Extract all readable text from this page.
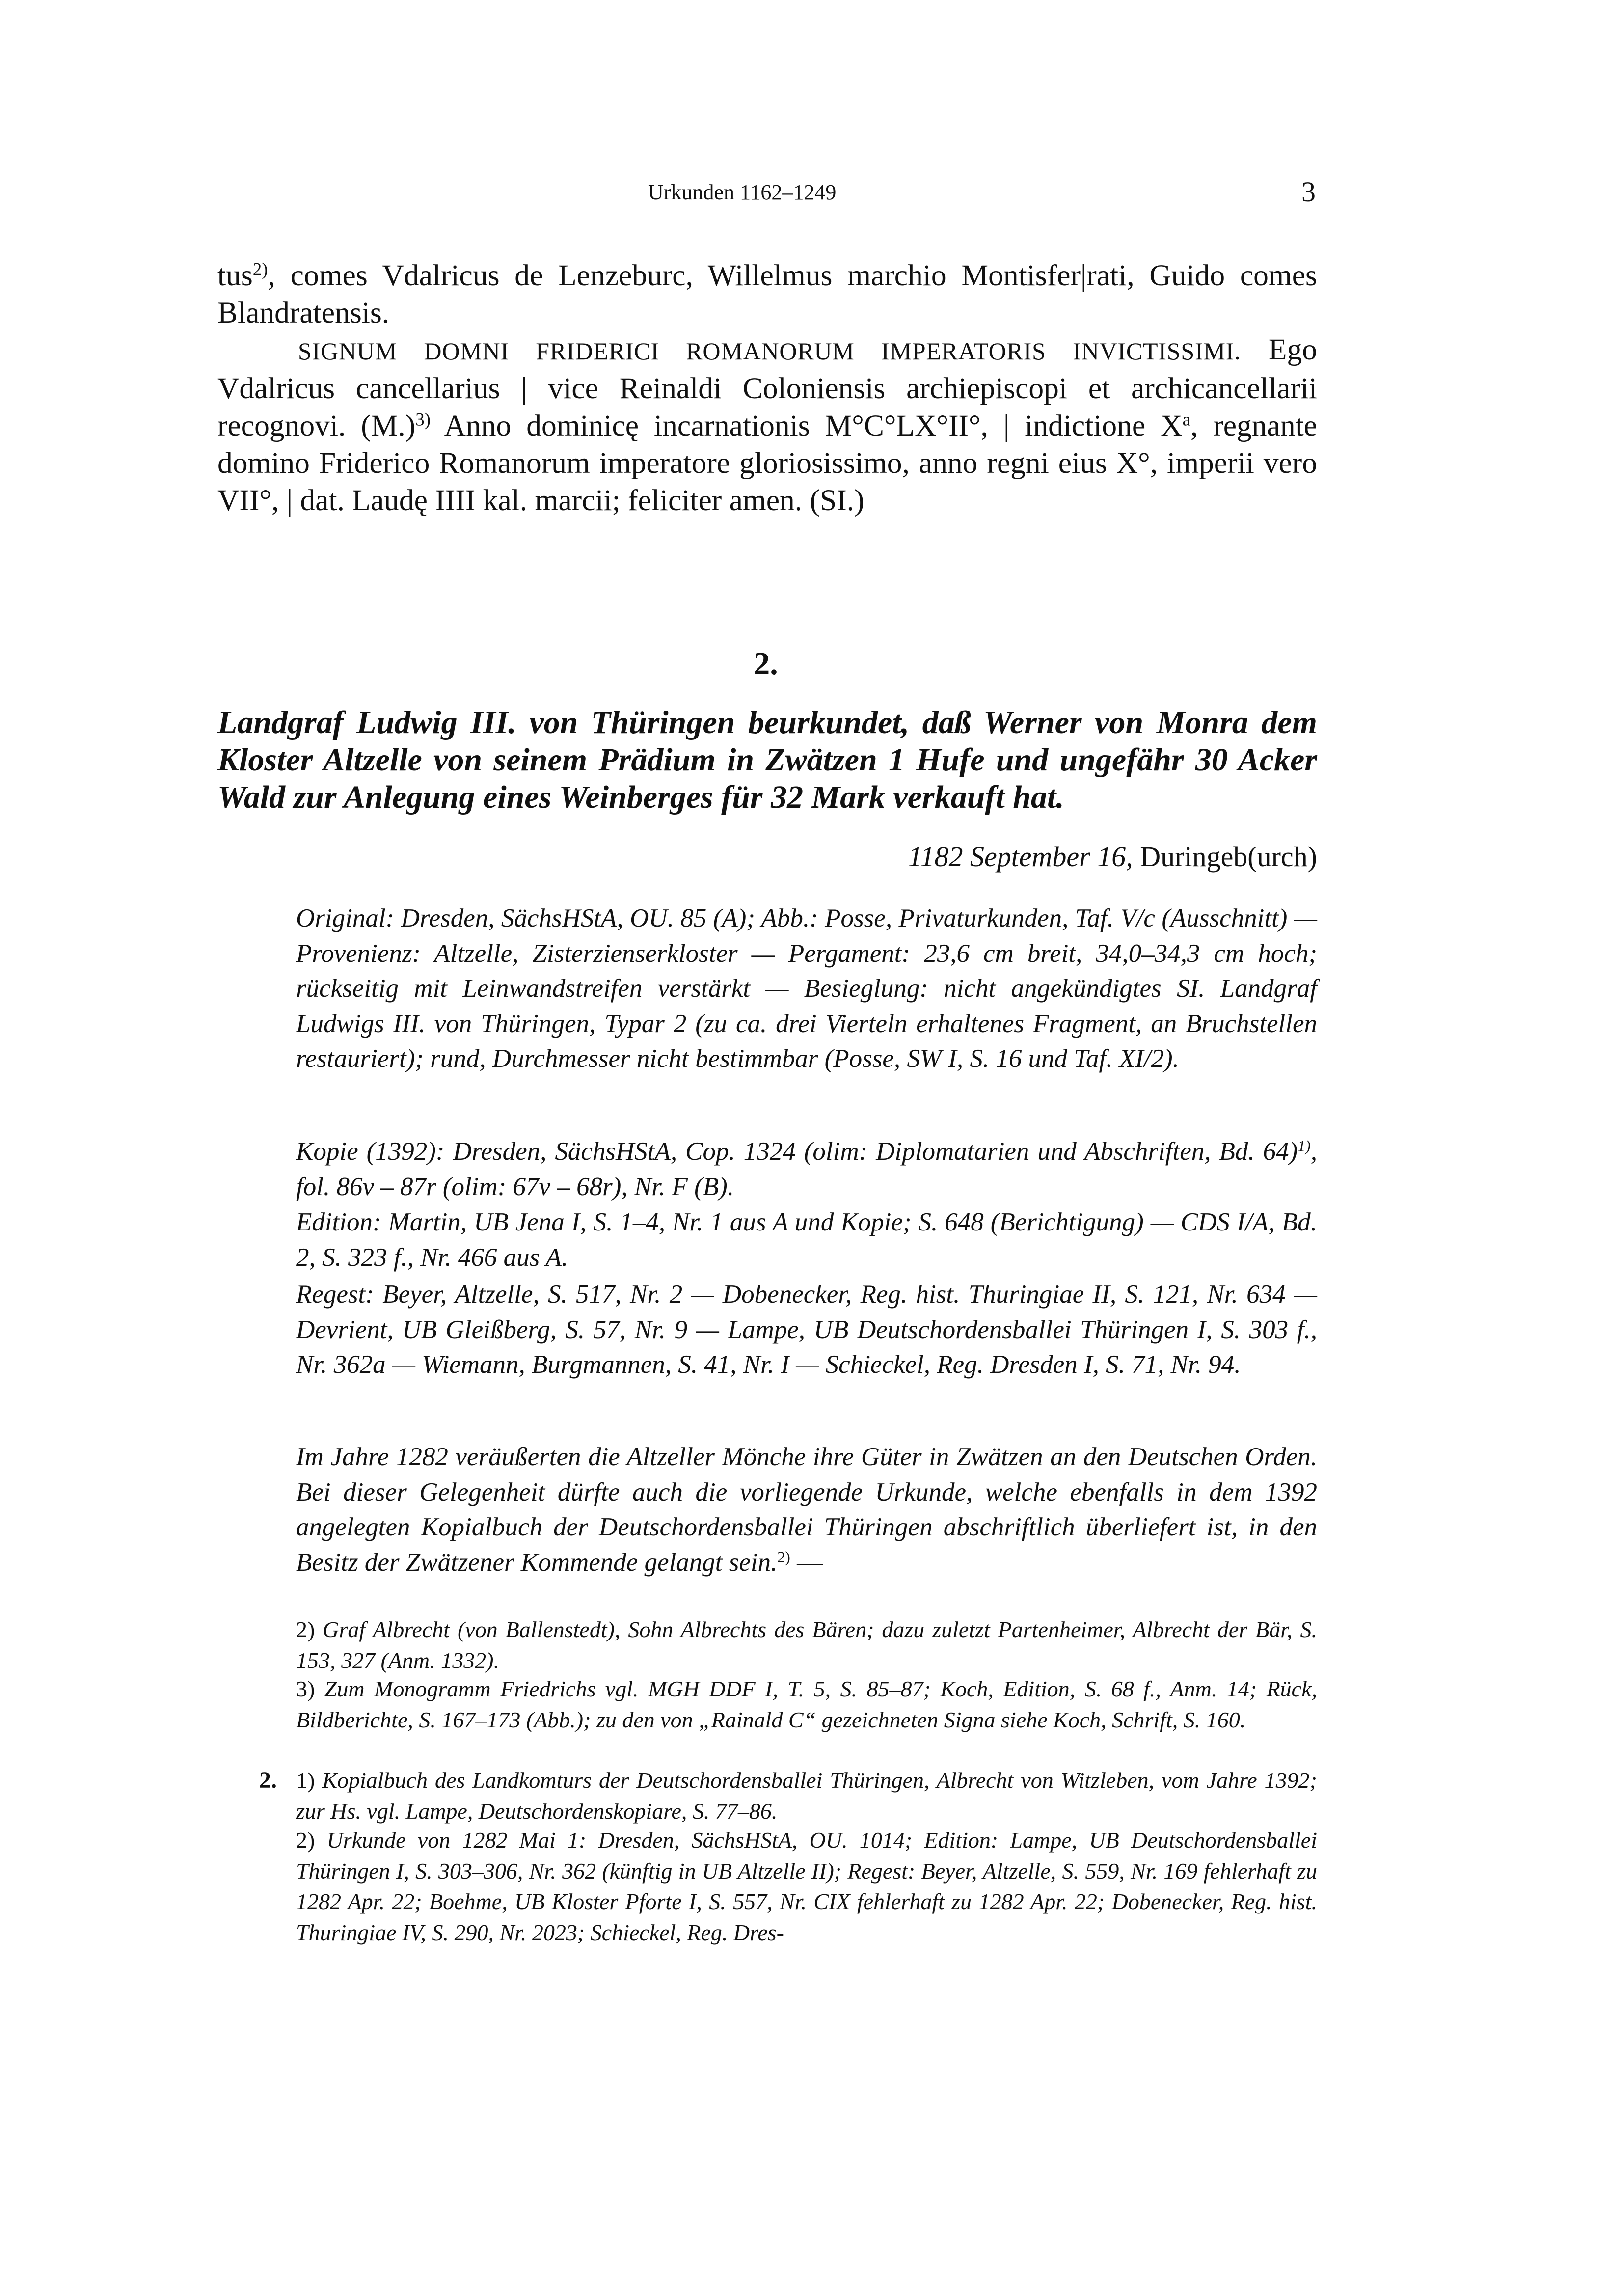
Urkunden 1162–1249	3
tus$^{2)}$, comes Vdalricus de Lenzeburc, Willelmus marchio Montisfer|rati, Guido comes Blandratensis.
SIGNUM DOMNI FRIDERICI ROMANORUM IMPERATORIS INVICTISSIMI. Ego Vdalricus cancellarius | vice Reinaldi Coloniensis archiepiscopi et archicancellarii recognovi. $(M.)^{3)}$ Anno dominicę incarnationis M°C°LX°II°, | indictione $X^a$, regnante domino Friderico Romanorum imperatore gloriosissimo, anno regni eius X°, imperii vero VII°, | dat. Laudę IIII kal. marcii; feliciter amen. (SI.)
2.
Landgraf Ludwig III. von Thüringen beurkundet, daß Werner von Monra dem Kloster Altzelle von seinem Prädium in Zwätzen 1 Hufe und ungefähr 30 Acker Wald zur Anlegung eines Weinberges für 32 Mark verkauft hat.
1182 September 16, Duringeb(urch)
Original: Dresden, SächsHStA, OU. 85 (A); Abb.: Posse, Privaturkunden, Taf. V/c (Ausschnitt) — Provenienz: Altzelle, Zisterzienserkloster — Pergament: 23,6 cm breit, 34,0–34,3 cm hoch; rückseitig mit Leinwandstreifen verstärkt — Besieglung: nicht angekündigtes SI. Landgraf Ludwigs III. von Thüringen, Typar 2 (zu ca. drei Vierteln erhaltenes Fragment, an Bruchstellen restauriert); rund, Durchmesser nicht bestimmbar (Posse, SW I, S. 16 und Taf. XI/2).
Kopie (1392): Dresden, SächsHStA, Cop. 1324 (olim: Diplomatarien und Abschriften, Bd. 64)$^{1)}$, fol. 86v – 87r (olim: 67v – 68r), Nr. F (B).
Edition: Martin, UB Jena I, S. 1–4, Nr. 1 aus A und Kopie; S. 648 (Berichtigung) — CDS I/A, Bd. 2, S. 323 f., Nr. 466 aus A.
Regest: Beyer, Altzelle, S. 517, Nr. 2 — Dobenecker, Reg. hist. Thuringiae II, S. 121, Nr. 634 — Devrient, UB Gleißberg, S. 57, Nr. 9 — Lampe, UB Deutschordensballei Thüringen I, S. 303 f., Nr. 362a — Wiemann, Burgmannen, S. 41, Nr. I — Schieckel, Reg. Dresden I, S. 71, Nr. 94.
Im Jahre 1282 veräußerten die Altzeller Mönche ihre Güter in Zwätzen an den Deutschen Orden. Bei dieser Gelegenheit dürfte auch die vorliegende Urkunde, welche ebenfalls in dem 1392 angelegten Kopialbuch der Deutschordensballei Thüringen abschriftlich überliefert ist, in den Besitz der Zwätzener Kommende gelangt sein.$^{2)}$ —
2) Graf Albrecht (von Ballenstedt), Sohn Albrechts des Bären; dazu zuletzt Partenheimer, Albrecht der Bär, S. 153, 327 (Anm. 1332).
3) Zum Monogramm Friedrichs vgl. MGH DDF I, T. 5, S. 85–87; Koch, Edition, S. 68 f., Anm. 14; Rück, Bildberichte, S. 167–173 (Abb.); zu den von „Rainald C“ gezeichneten Signa siehe Koch, Schrift, S. 160.
2. 1) Kopialbuch des Landkomturs der Deutschordensballei Thüringen, Albrecht von Witzleben, vom Jahre 1392; zur Hs. vgl. Lampe, Deutschordenskopiare, S. 77–86.
2) Urkunde von 1282 Mai 1: Dresden, SächsHStA, OU. 1014; Edition: Lampe, UB Deutschordensballei Thüringen I, S. 303–306, Nr. 362 (künftig in UB Altzelle II); Regest: Beyer, Altzelle, S. 559, Nr. 169 fehlerhaft zu 1282 Apr. 22; Boehme, UB Kloster Pforte I, S. 557, Nr. CIX fehlerhaft zu 1282 Apr. 22; Dobenecker, Reg. hist. Thuringiae IV, S. 290, Nr. 2023; Schieckel, Reg. Dres-
